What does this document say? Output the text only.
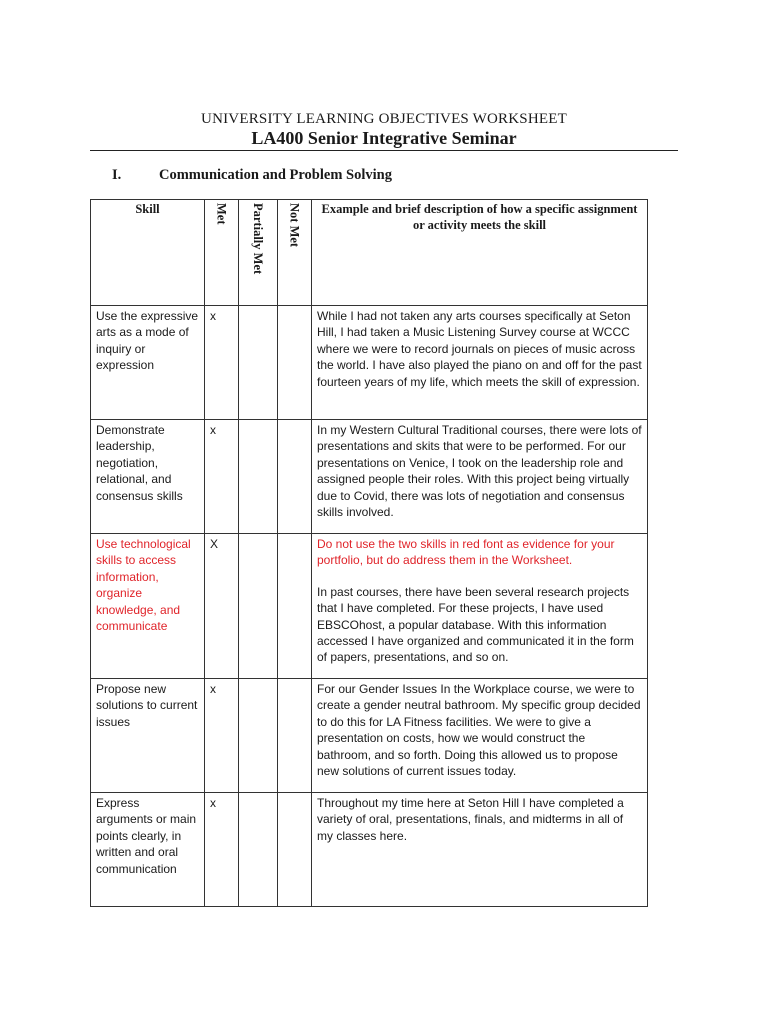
UNIVERSITY LEARNING OBJECTIVES WORKSHEET
LA400 Senior Integrative Seminar
I.	Communication and Problem Solving
Skill	Met	Partially Met	Not Met	Example and brief description of how a specific assignment or activity meets the skill
Use the expressive arts as a mode of inquiry or expression	x			While I had not taken any arts courses specifically at Seton Hill, I had taken a Music Listening Survey course at WCCC where we were to record journals on pieces of music across the world. I have also played the piano on and off for the past fourteen years of my life, which meets the skill of expression.
Demonstrate leadership, negotiation, relational, and consensus skills	x			In my Western Cultural Traditional courses, there were lots of presentations and skits that were to be performed. For our presentations on Venice, I took on the leadership role and assigned people their roles. With this project being virtually due to Covid, there was lots of negotiation and consensus skills involved.
Use technological skills to access information, organize knowledge, and communicate	X			Do not use the two skills in red font as evidence for your portfolio, but do address them in the Worksheet.
In past courses, there have been several research projects that I have completed. For these projects, I have used EBSCOhost, a popular database. With this information accessed I have organized and communicated it in the form of papers, presentations, and so on.
Propose new solutions to current issues	x			For our Gender Issues In the Workplace course, we were to create a gender neutral bathroom. My specific group decided to do this for LA Fitness facilities. We were to give a presentation on costs, how we would construct the bathroom, and so forth. Doing this allowed us to propose new solutions of current issues today.
Express arguments or main points clearly, in written and oral communication	x			Throughout my time here at Seton Hill I have completed a variety of oral, presentations, finals, and midterms in all of my classes here.
